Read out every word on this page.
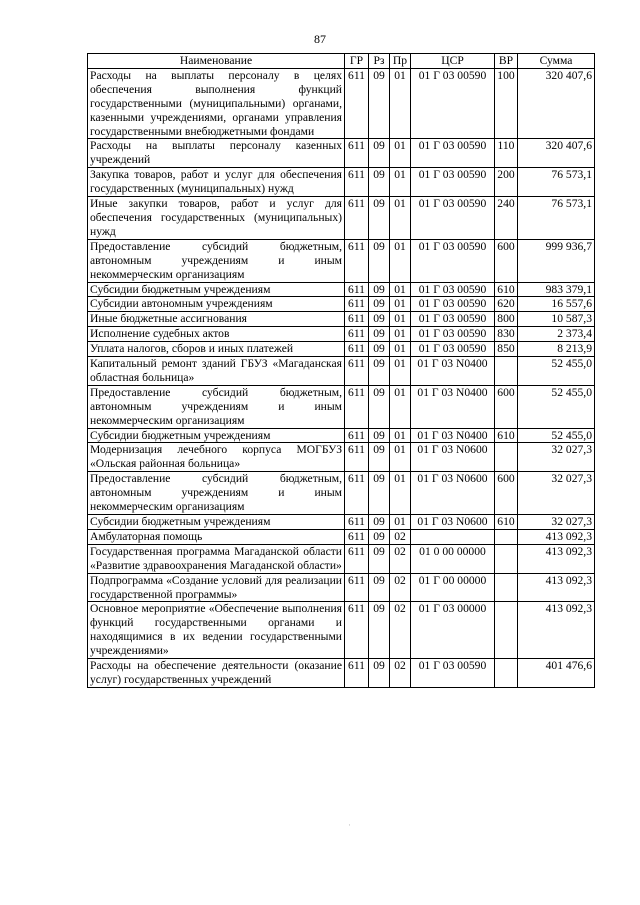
87
Наименование	ГР	Рз	Пр	ЦСР	ВР	Сумма
Расходы на выплаты персоналу в целях обеспечения выполнения функций государственными (муниципальными) органами, казенными учреждениями, органами управления государственными внебюджетными фондами	611	09	01	01 Г 03 00590	100	320 407,6
Расходы на выплаты персоналу казенных учреждений	611	09	01	01 Г 03 00590	110	320 407,6
Закупка товаров, работ и услуг для обеспечения государственных (муниципальных) нужд	611	09	01	01 Г 03 00590	200	76 573,1
Иные закупки товаров, работ и услуг для обеспечения государственных (муниципальных) нужд	611	09	01	01 Г 03 00590	240	76 573,1
Предоставление субсидий бюджетным, автономным учреждениям и иным некоммерческим организациям	611	09	01	01 Г 03 00590	600	999 936,7
Субсидии бюджетным учреждениям	611	09	01	01 Г 03 00590	610	983 379,1
Субсидии автономным учреждениям	611	09	01	01 Г 03 00590	620	16 557,6
Иные бюджетные ассигнования	611	09	01	01 Г 03 00590	800	10 587,3
Исполнение судебных актов	611	09	01	01 Г 03 00590	830	2 373,4
Уплата налогов, сборов и иных платежей	611	09	01	01 Г 03 00590	850	8 213,9
Капитальный ремонт зданий ГБУЗ «Магаданская областная больница»	611	09	01	01 Г 03 N0400		52 455,0
Предоставление субсидий бюджетным, автономным учреждениям и иным некоммерческим организациям	611	09	01	01 Г 03 N0400	600	52 455,0
Субсидии бюджетным учреждениям	611	09	01	01 Г 03 N0400	610	52 455,0
Модернизация лечебного корпуса МОГБУЗ «Ольская районная больница»	611	09	01	01 Г 03 N0600		32 027,3
Предоставление субсидий бюджетным, автономным учреждениям и иным некоммерческим организациям	611	09	01	01 Г 03 N0600	600	32 027,3
Субсидии бюджетным учреждениям	611	09	01	01 Г 03 N0600	610	32 027,3
Амбулаторная помощь	611	09	02			413 092,3
Государственная программа Магаданской области «Развитие здравоохранения Магаданской области»	611	09	02	01 0 00 00000		413 092,3
Подпрограмма «Создание условий для реализации государственной программы»	611	09	02	01 Г 00 00000		413 092,3
Основное мероприятие «Обеспечение выполнения функций государственными органами и находящимися в их ведении государственными учреждениями»	611	09	02	01 Г 03 00000		413 092,3
Расходы на обеспечение деятельности (оказание услуг) государственных учреждений	611	09	02	01 Г 03 00590		401 476,6
·
